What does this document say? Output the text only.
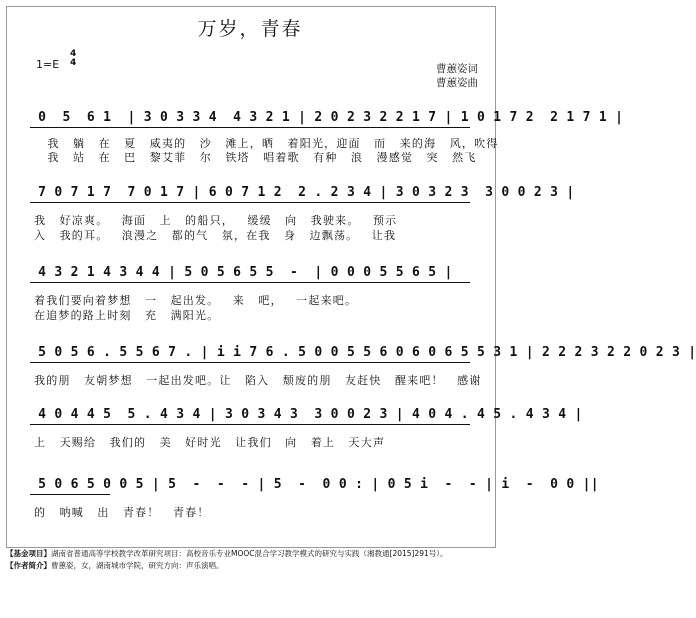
万岁，青春
1=E
4
4	曹蕙姿词
曹蕙姿曲
0  5  6 1  | 3 0 3 3 4  4 3 2 1 | 2 0 2 3 2 2 1 7 | 1 0 1 7 2  2 1 7 1 |
我  躺  在  夏  威夷的  沙  滩上，晒  着阳光，迎面  而  来的海  风，吹得
我  站  在  巴  黎艾菲  尔  铁塔  唱着歌  有种  浪  漫感觉  突  然飞
7 0 7 1 7  7 0 1 7 | 6 0 7 1 2  2 . 2 3 4 | 3 0 3 2 3  3 0 0 2 3 |
我  好凉爽。  海面  上  的船只，  缓缓  向  我驶来。  预示
入  我的耳。  浪漫之  都的气  氛，在我  身  边飘荡。  让我
4 3 2 1 4 3 4 4 | 5 0 5 6 5 5  -  | 0 0 0 5 5 6 5 |
着我们要向着梦想  一  起出发。  来  吧，  一起来吧。
在追梦的路上时刻  充  满阳光。
5 0 5 6 . 5 5 6 7 . | i i 7 6 . 5 0 0 5 5 6 0 6 0 6 5 5 3 1 | 2 2 2 3 2 2 0 2 3 |
我的朋  友朝梦想  一起出发吧。让  陷入  颓废的朋  友赶快  醒来吧！  感谢
4 0 4 4 5  5 . 4 3 4 | 3 0 3 4 3  3 0 0 2 3 | 4 0 4 . 4 5 . 4 3 4 |
上  天赐给  我们的  美  好时光  让我们  向  着上  天大声
5 0 6 5 0 0 5 | 5  -  -  - | 5  -  0 0 : | 0 5 i  -  - | i  -  0 0 ||
的  呐喊  出  青春！  青春！
【基金项目】湖南省普通高等学校教学改革研究项目：高校音乐专业MOOC混合学习教学模式的研究与实践（湘教通[2015]291号）。
【作者简介】曹蕙姿，女，湖南城市学院，研究方向：声乐演唱。
